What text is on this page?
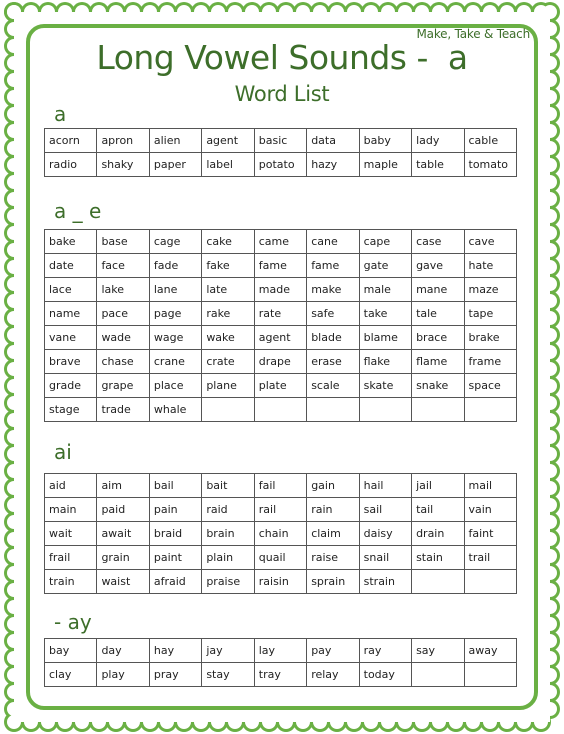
Make, Take & Teach
Long Vowel Sounds -  a
Word List
a
acorn	apron	alien	agent	basic	data	baby	lady	cable
radio	shaky	paper	label	potato	hazy	maple	table	tomato
a _ e
bake	base	cage	cake	came	cane	cape	case	cave
date	face	fade	fake	fame	fame	gate	gave	hate
lace	lake	lane	late	made	make	male	mane	maze
name	pace	page	rake	rate	safe	take	tale	tape
vane	wade	wage	wake	agent	blade	blame	brace	brake
brave	chase	crane	crate	drape	erase	flake	flame	frame
grade	grape	place	plane	plate	scale	skate	snake	space
stage	trade	whale						
ai
aid	aim	bail	bait	fail	gain	hail	jail	mail
main	paid	pain	raid	rail	rain	sail	tail	vain
wait	await	braid	brain	chain	claim	daisy	drain	faint
frail	grain	paint	plain	quail	raise	snail	stain	trail
train	waist	afraid	praise	raisin	sprain	strain		
- ay
bay	day	hay	jay	lay	pay	ray	say	away
clay	play	pray	stay	tray	relay	today		
